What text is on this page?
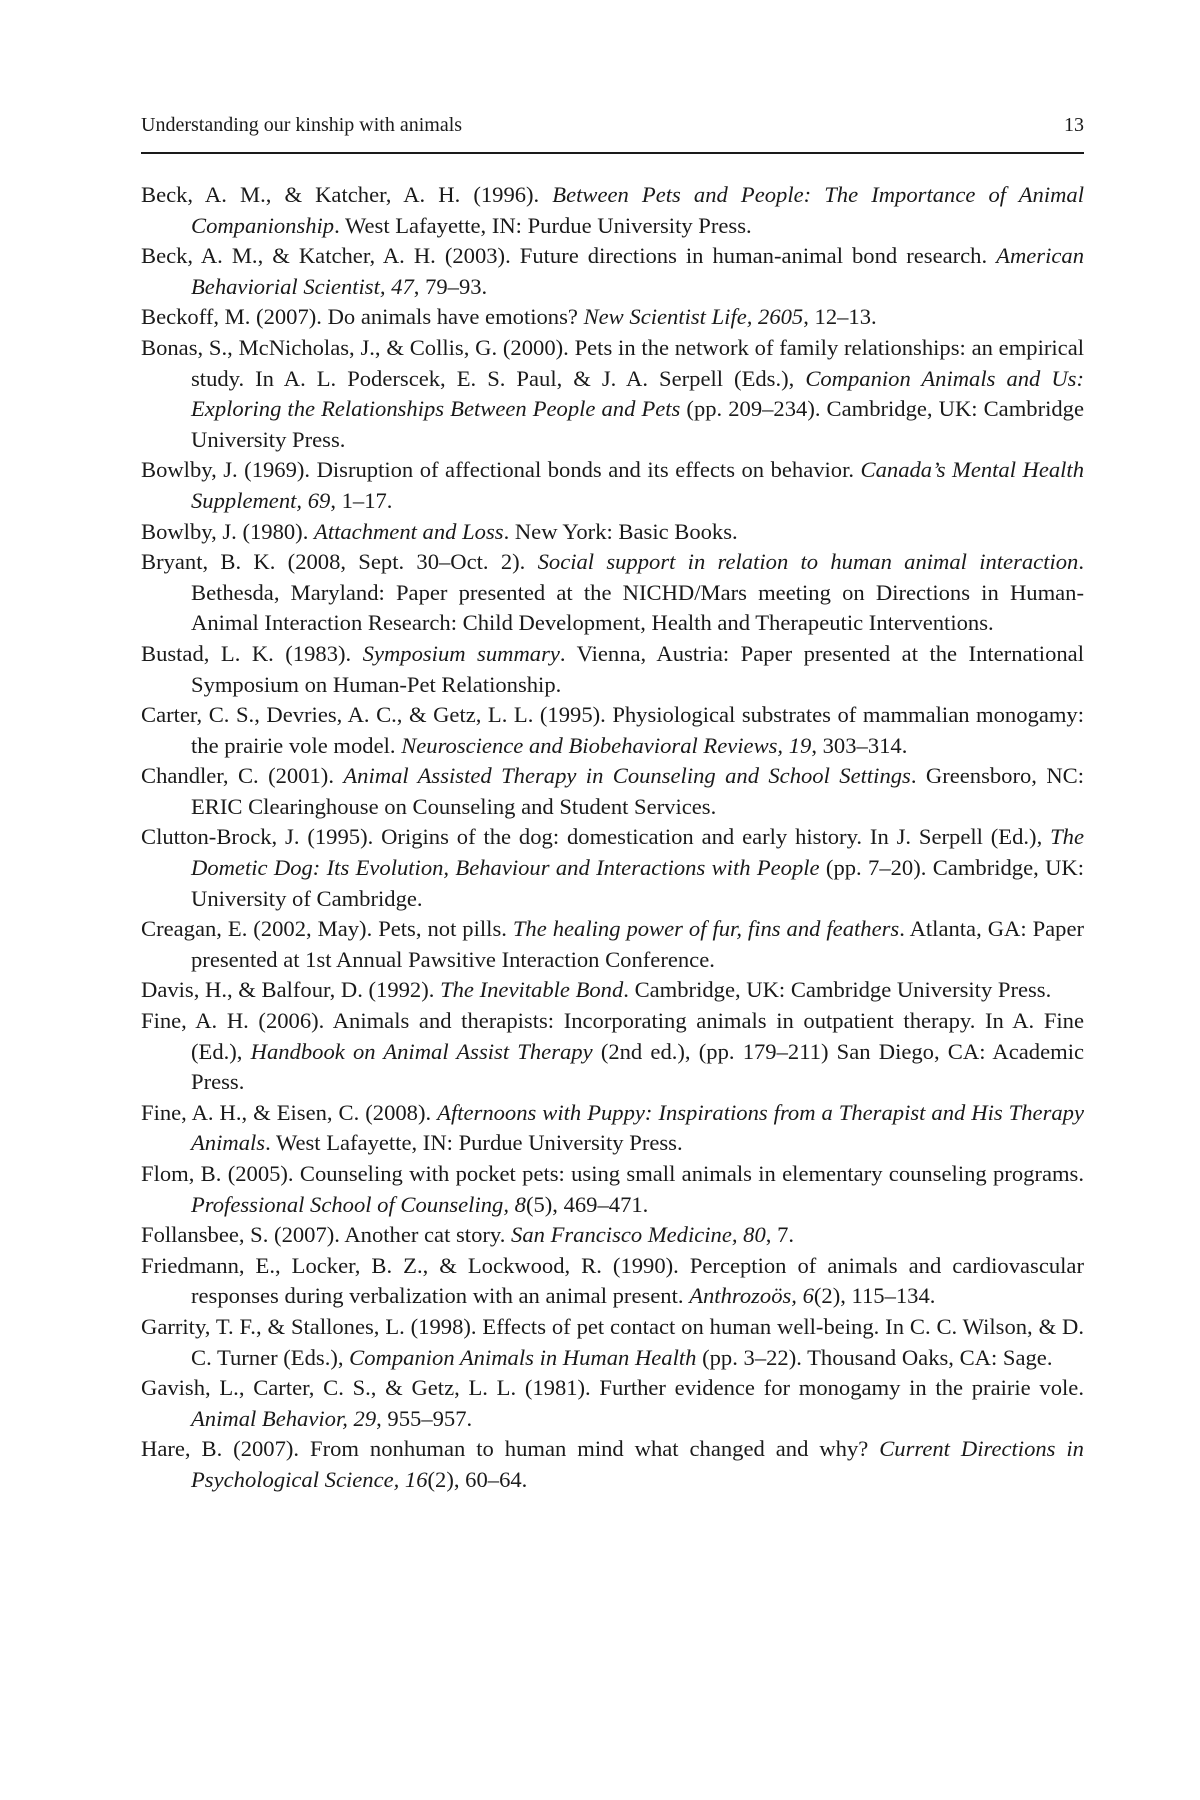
Understanding our kinship with animals	13

Beck, A. M., & Katcher, A. H. (1996). Between Pets and People: The Importance of Animal Companionship. West Lafayette, IN: Purdue University Press.

Beck, A. M., & Katcher, A. H. (2003). Future directions in human-animal bond research. American Behaviorial Scientist, 47, 79–93.

Beckoff, M. (2007). Do animals have emotions? New Scientist Life, 2605, 12–13.

Bonas, S., McNicholas, J., & Collis, G. (2000). Pets in the network of family relationships: an empirical study. In A. L. Poderscek, E. S. Paul, & J. A. Serpell (Eds.), Companion Animals and Us: Exploring the Relationships Between People and Pets (pp. 209–234). Cambridge, UK: Cambridge University Press.

Bowlby, J. (1969). Disruption of affectional bonds and its effects on behavior. Canada’s Mental Health Supplement, 69, 1–17.

Bowlby, J. (1980). Attachment and Loss. New York: Basic Books.

Bryant, B. K. (2008, Sept. 30–Oct. 2). Social support in relation to human animal interaction. Bethesda, Maryland: Paper presented at the NICHD/Mars meeting on Directions in Human-Animal Interaction Research: Child Development, Health and Therapeutic Interventions.

Bustad, L. K. (1983). Symposium summary. Vienna, Austria: Paper presented at the International Symposium on Human-Pet Relationship.

Carter, C. S., Devries, A. C., & Getz, L. L. (1995). Physiological substrates of mammalian monogamy: the prairie vole model. Neuroscience and Biobehavioral Reviews, 19, 303–314.

Chandler, C. (2001). Animal Assisted Therapy in Counseling and School Settings. Greensboro, NC: ERIC Clearinghouse on Counseling and Student Services.

Clutton-Brock, J. (1995). Origins of the dog: domestication and early history. In J. Serpell (Ed.), The Dometic Dog: Its Evolution, Behaviour and Interactions with People (pp. 7–20). Cambridge, UK: University of Cambridge.

Creagan, E. (2002, May). Pets, not pills. The healing power of fur, fins and feathers. Atlanta, GA: Paper presented at 1st Annual Pawsitive Interaction Conference.

Davis, H., & Balfour, D. (1992). The Inevitable Bond. Cambridge, UK: Cambridge University Press.

Fine, A. H. (2006). Animals and therapists: Incorporating animals in outpatient therapy. In A. Fine (Ed.), Handbook on Animal Assist Therapy (2nd ed.), (pp. 179–211) San Diego, CA: Academic Press.

Fine, A. H., & Eisen, C. (2008). Afternoons with Puppy: Inspirations from a Therapist and His Therapy Animals. West Lafayette, IN: Purdue University Press.

Flom, B. (2005). Counseling with pocket pets: using small animals in elementary counseling programs. Professional School of Counseling, 8(5), 469–471.

Follansbee, S. (2007). Another cat story. San Francisco Medicine, 80, 7.

Friedmann, E., Locker, B. Z., & Lockwood, R. (1990). Perception of animals and cardiovascular responses during verbalization with an animal present. Anthrozoös, 6(2), 115–134.

Garrity, T. F., & Stallones, L. (1998). Effects of pet contact on human well-being. In C. C. Wilson, & D. C. Turner (Eds.), Companion Animals in Human Health (pp. 3–22). Thousand Oaks, CA: Sage.

Gavish, L., Carter, C. S., & Getz, L. L. (1981). Further evidence for monogamy in the prairie vole. Animal Behavior, 29, 955–957.

Hare, B. (2007). From nonhuman to human mind what changed and why? Current Directions in Psychological Science, 16(2), 60–64.
